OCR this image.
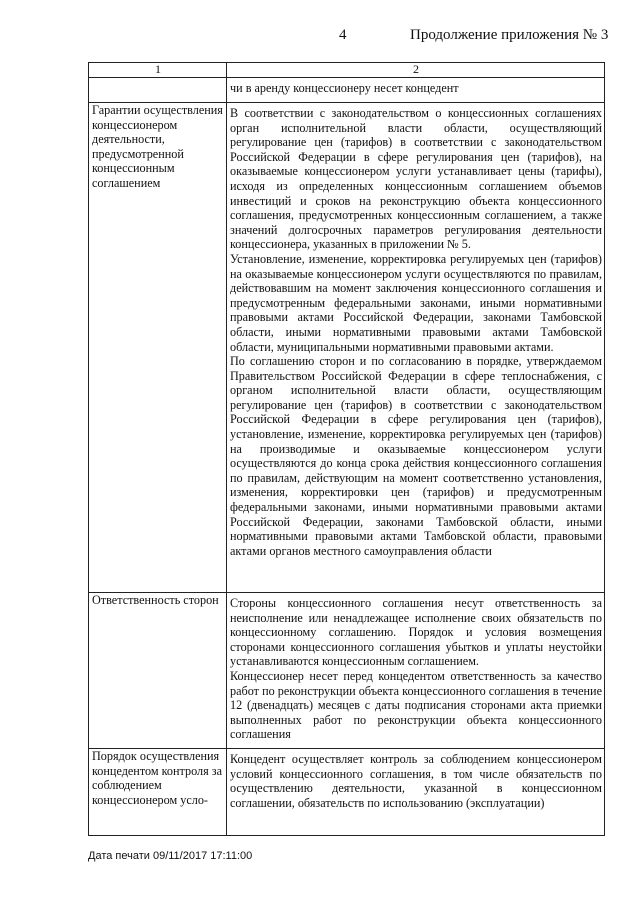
4	Продолжение приложения № 3
1	2
	чи в аренду концессионеру несет концедент
Гарантии осуществления концессионером деятельности, предусмотренной концессионным соглашением	В соответствии с законодательством о концессионных соглашениях орган исполнительной власти области, осуществляющий регулирование цен (тарифов) в соответствии с законодательством Российской Федерации в сфере регулирования цен (тарифов), на оказываемые концессионером услуги устанавливает цены (тарифы), исходя из определенных концессионным соглашением объемов инвестиций и сроков на реконструкцию объекта концессионного соглашения, предусмотренных концессионным соглашением, а также значений долгосрочных параметров регулирования деятельности концессионера, указанных в приложении № 5.

Установление, изменение, корректировка регулируемых цен (тарифов) на оказываемые концессионером услуги осуществляются по правилам, действовавшим на момент заключения концессионного соглашения и предусмотренным федеральными законами, иными нормативными правовыми актами Российской Федерации, законами Тамбовской области, иными нормативными правовыми актами Тамбовской области, муниципальными нормативными правовыми актами.

По соглашению сторон и по согласованию в порядке, утверждаемом Правительством Российской Федерации в сфере теплоснабжения, с органом исполнительной власти области, осуществляющим регулирование цен (тарифов) в соответствии с законодательством Российской Федерации в сфере регулирования цен (тарифов), установление, изменение, корректировка регулируемых цен (тарифов) на производимые и оказываемые концессионером услуги осуществляются до конца срока действия концессионного соглашения по правилам, действующим на момент соответственно установления, изменения, корректировки цен (тарифов) и предусмотренным федеральными законами, иными нормативными правовыми актами Российской Федерации, законами Тамбовской области, иными нормативными правовыми актами Тамбовской области, правовыми актами органов местного самоуправления области

Ответственность сторон	Стороны концессионного соглашения несут ответственность за неисполнение или ненадлежащее исполнение своих обязательств по концессионному соглашению. Порядок и условия возмещения сторонами концессионного соглашения убытков и уплаты неустойки устанавливаются концессионным соглашением.

Концессионер несет перед концедентом ответственность за качество работ по реконструкции объекта концессионного соглашения в течение 12 (двенадцать) месяцев с даты подписания сторонами акта приемки выполненных работ по реконструкции объекта концессионного соглашения

Порядок осуществления концедентом контроля за соблюдением концессионером усло-	Концедент осуществляет контроль за соблюдением концессионером условий концессионного соглашения, в том числе обязательств по осуществлению деятельности, указанной в концессионном соглашении, обязательств по использованию (эксплуатации)

Дата печати 09/11/2017 17:11:00
